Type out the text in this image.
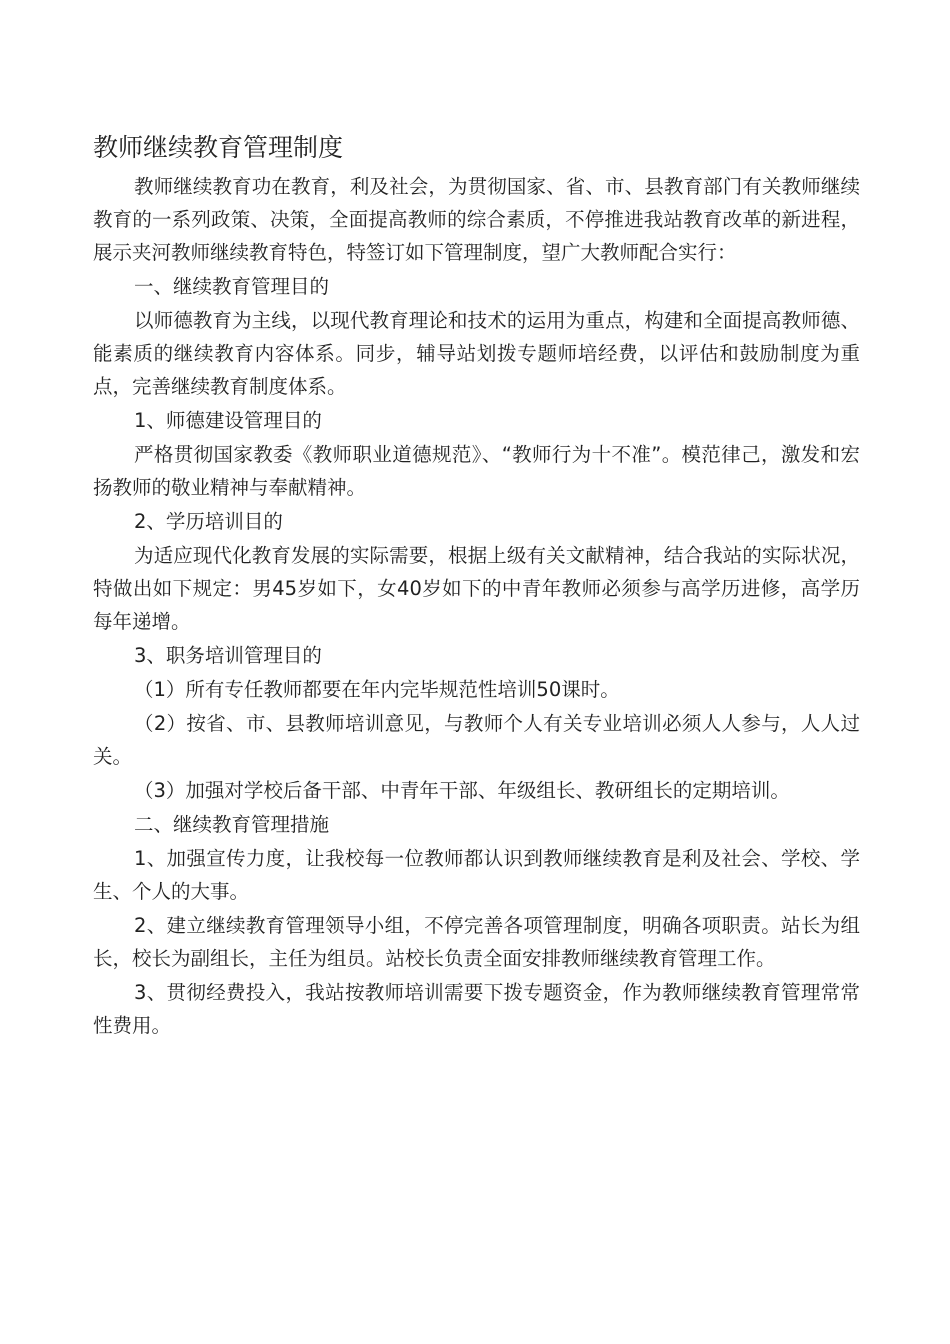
教师继续教育管理制度

教师继续教育功在教育，利及社会，为贯彻国家、省、市、县教育部门有关教师继续教育的一系列政策、决策，全面提高教师的综合素质，不停推进我站教育改革的新进程，展示夹河教师继续教育特色，特签订如下管理制度，望广大教师配合实行：

一、继续教育管理目的

以师德教育为主线，以现代教育理论和技术的运用为重点，构建和全面提高教师德、能素质的继续教育内容体系。同步，辅导站划拨专题师培经费，以评估和鼓励制度为重点，完善继续教育制度体系。

1、师德建设管理目的

严格贯彻国家教委《教师职业道德规范》、“教师行为十不准”。模范律己，激发和宏扬教师的敬业精神与奉献精神。

2、学历培训目的

为适应现代化教育发展的实际需要，根据上级有关文献精神，结合我站的实际状况，特做出如下规定：男45岁如下，女40岁如下的中青年教师必须参与高学历进修，高学历每年递增。

3、职务培训管理目的

（1）所有专任教师都要在年内完毕规范性培训50课时。

（2）按省、市、县教师培训意见，与教师个人有关专业培训必须人人参与，人人过关。

（3）加强对学校后备干部、中青年干部、年级组长、教研组长的定期培训。

二、继续教育管理措施

1、加强宣传力度，让我校每一位教师都认识到教师继续教育是利及社会、学校、学生、个人的大事。

2、建立继续教育管理领导小组，不停完善各项管理制度，明确各项职责。站长为组长，校长为副组长，主任为组员。站校长负责全面安排教师继续教育管理工作。

3、贯彻经费投入，我站按教师培训需要下拨专题资金，作为教师继续教育管理常常性费用。
